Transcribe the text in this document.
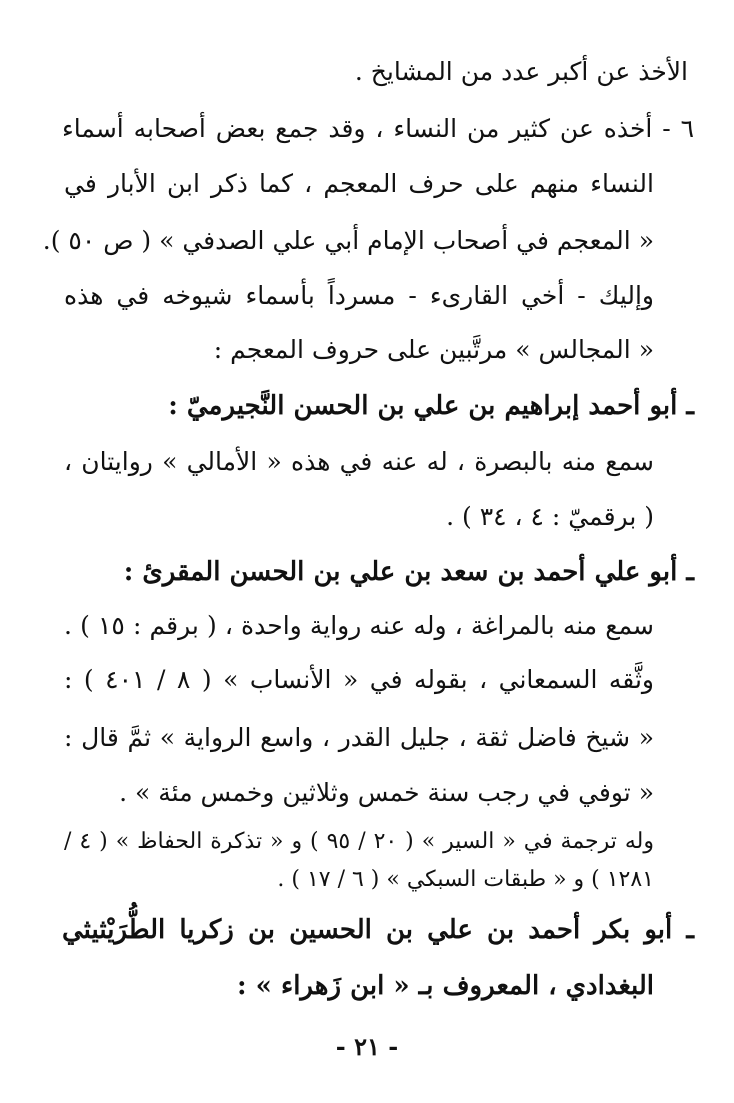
الأخذ عن أكبر عدد من المشايخ .

٦ - أخذه عن كثير من النساء ، وقد جمع بعض أصحابه أسماء

النساء منهم على حرف المعجم ، كما ذكر ابن الأبار في

« المعجم في أصحاب الإمام أبي علي الصدفي » ( ص ٥٠ ).

وإليك - أخي القارىء - مسرداً بأسماء شيوخه في هذه

« المجالس » مرتَّبين على حروف المعجم :

ـ أبو أحمد إبراهيم بن علي بن الحسن النَّجيرميّ :

سمع منه بالبصرة ، له عنه في هذه « الأمالي » روايتان ،

( برقميّ : ٤ ، ٣٤ ) .

ـ أبو علي أحمد بن سعد بن علي بن الحسن المقرئ :

سمع منه بالمراغة ، وله عنه رواية واحدة ، ( برقم : ١٥ ) .

وثَّقه السمعاني ، بقوله في « الأنساب » ( ٨ / ٤٠١ ) :

« شيخ فاضل ثقة ، جليل القدر ، واسع الرواية » ثمَّ قال :

« توفي في رجب سنة خمس وثلاثين وخمس مئة » .

وله ترجمة في « السير » ( ٢٠ / ٩٥ ) و « تذكرة الحفاظ » ( ٤ /

١٢٨١ ) و « طبقات السبكي » ( ٦ / ١٧ ) .

ـ أبو بكر أحمد بن علي بن الحسين بن زكريا الطُّرَيْثيثي

البغدادي ، المعروف بـ « ابن زَهراء » :

- ٢١ -
